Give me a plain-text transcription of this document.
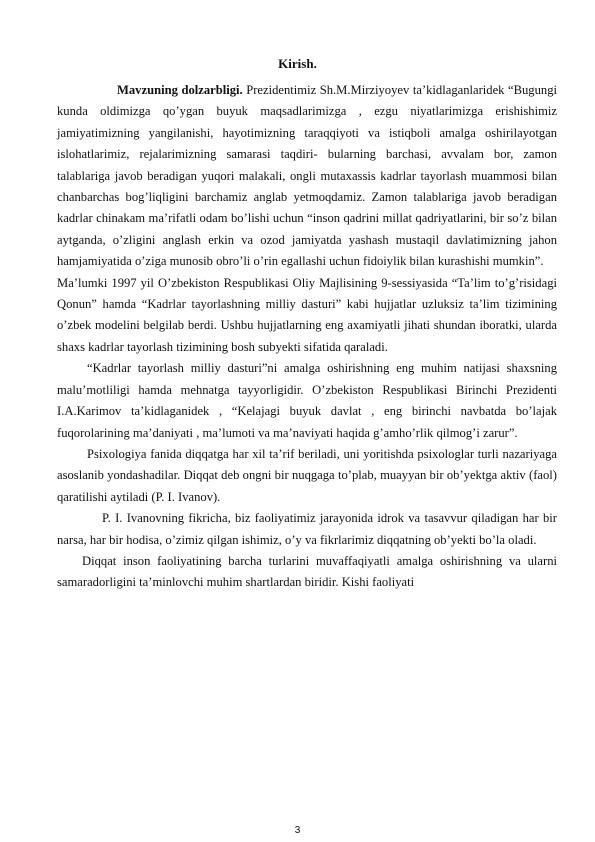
Kirish.

Mavzuning dolzarbligi. Prezidentimiz Sh.M.Mirziyoyev ta’kidlaganlaridek “Bugungi kunda oldimizga qo’ygan buyuk maqsadlarimizga , ezgu niyatlarimizga erishishimiz jamiyatimizning yangilanishi, hayotimizning taraqqiyoti va istiqboli amalga oshirilayotgan islohatlarimiz, rejalarimizning samarasi taqdiri- bularning barchasi, avvalam bor, zamon talablariga javob beradigan yuqori malakali, ongli mutaxassis kadrlar tayorlash muammosi bilan chanbarchas bog’liqligini barchamiz anglab yetmoqdamiz. Zamon talablariga javob beradigan kadrlar chinakam ma’rifatli odam bo’lishi uchun “inson qadrini millat qadriyatlarini, bir so’z bilan aytganda, o’zligini anglash erkin va ozod jamiyatda yashash mustaqil davlatimizning jahon hamjamiyatida o’ziga munosib obro’li o’rin egallashi uchun fidoiylik bilan kurashishi mumkin”.

Ma’lumki 1997 yil O’zbekiston Respublikasi Oliy Majlisining 9-sessiyasida “Ta’lim to’g’risidagi Qonun” hamda “Kadrlar tayorlashning milliy dasturi” kabi hujjatlar uzluksiz ta’lim tizimining o’zbek modelini belgilab berdi. Ushbu hujjatlarning eng axamiyatli jihati shundan iboratki, ularda shaxs kadrlar tayorlash tizimining bosh subyekti sifatida qaraladi.

“Kadrlar tayorlash milliy dasturi”ni amalga oshirishning eng muhim natijasi shaxsning malu’motliligi hamda mehnatga tayyorligidir. O’zbekiston Respublikasi Birinchi Prezidenti I.A.Karimov ta’kidlaganidek , “Kelajagi buyuk davlat , eng birinchi navbatda bo’lajak fuqorolarining ma’daniyati , ma’lumoti va ma’naviyati haqida g’amho’rlik qilmog’i zarur”.

Psixologiya fanida diqqatga har xil ta’rif beriladi, uni yoritishda psixologlar turli nazariyaga asoslanib yondashadilar. Diqqat deb ongni bir nuqgaga to’plab, muayyan bir ob’yektga aktiv (faol) qaratilishi aytiladi (P. I. Ivanov).

P. I. Ivanovning fikricha, biz faoliyatimiz jarayonida idrok va tasavvur qiladigan har bir narsa, har bir hodisa, o’zimiz qilgan ishimiz, o’y va fikrlarimiz diqqatning ob’yekti bo’la oladi.

Diqqat inson faoliyatining barcha turlarini muvaffaqiyatli amalga oshirishning va ularni samaradorligini ta’minlovchi muhim shartlardan biridir. Kishi faoliyati

3
